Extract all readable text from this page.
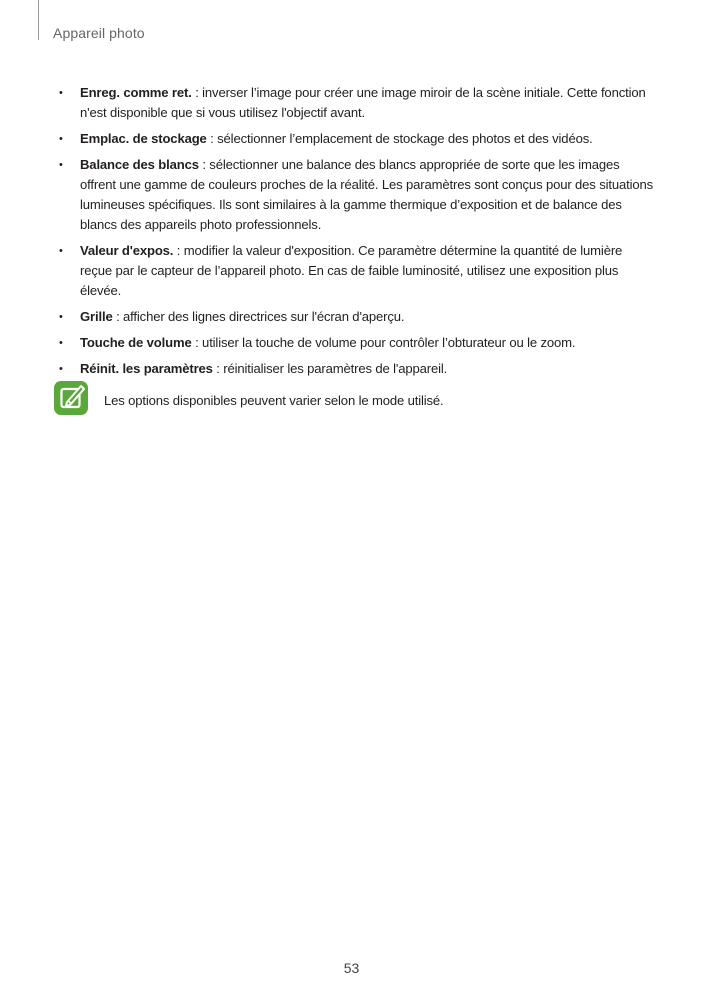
Appareil photo
• Enreg. comme ret. : inverser l’image pour créer une image miroir de la scène initiale. Cette fonction n'est disponible que si vous utilisez l'objectif avant.
• Emplac. de stockage : sélectionner l’emplacement de stockage des photos et des vidéos.
• Balance des blancs : sélectionner une balance des blancs appropriée de sorte que les images offrent une gamme de couleurs proches de la réalité. Les paramètres sont conçus pour des situations lumineuses spécifiques. Ils sont similaires à la gamme thermique d’exposition et de balance des blancs des appareils photo professionnels.
• Valeur d'expos. : modifier la valeur d'exposition. Ce paramètre détermine la quantité de lumière reçue par le capteur de l’appareil photo. En cas de faible luminosité, utilisez une exposition plus élevée.
• Grille : afficher des lignes directrices sur l'écran d'aperçu.
• Touche de volume : utiliser la touche de volume pour contrôler l’obturateur ou le zoom.
• Réinit. les paramètres : réinitialiser les paramètres de l'appareil.
Les options disponibles peuvent varier selon le mode utilisé.
53
